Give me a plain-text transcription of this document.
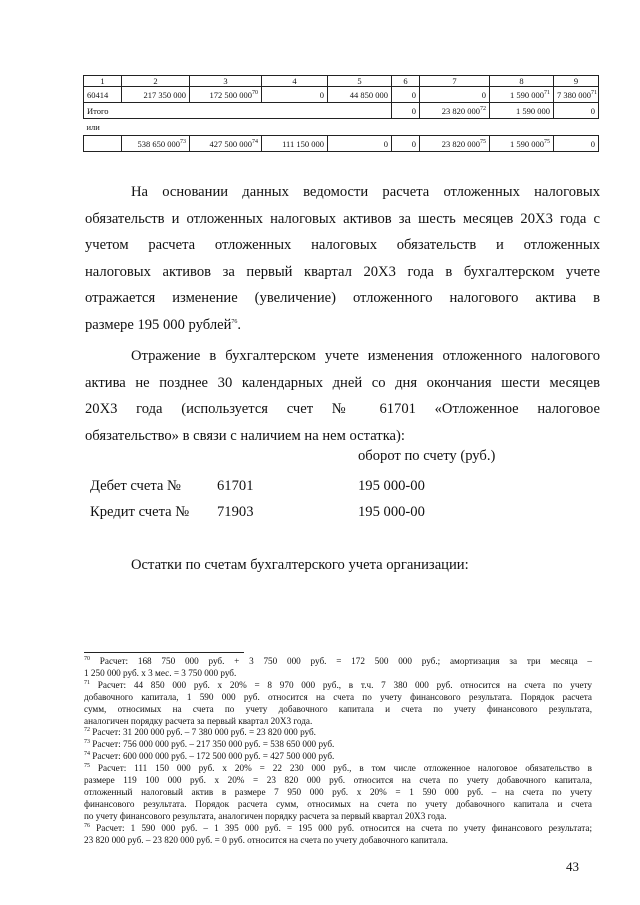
1	2	3	4	5	6	7	8	9
60414	217 350 000	172 500 $000^{70}$	0	44 850 000	0	0	1 590 $000^{71}$	7 380 $000^{71}$
Итого					0	23 820 $000^{72}$	1 590 000	0
или								
	538 650 $000^{73}$	427 500 $000^{74}$	111 150 000	0	0	23 820 $000^{75}$	1 590 $000^{75}$	0

На основании данных ведомости расчета отложенных налоговых

обязательств и отложенных налоговых активов за шесть месяцев 20Х3 года с

учетом расчета отложенных налоговых обязательств и отложенных

налоговых активов за первый квартал 20Х3 года в бухгалтерском учете

отражается изменение (увеличение) отложенного налогового актива в

размере 195 000 рублей$^{76}$.

Отражение в бухгалтерском учете изменения отложенного налогового

актива не позднее 30 календарных дней со дня окончания шести месяцев

20Х3 года (используется счет № 61701 «Отложенное налоговое

обязательство» в связи с наличием на нем остатка):

оборот по счету (руб.)
Дебет счета № 61701	195 000-00
Кредит счета № 71903	195 000-00
Остатки по счетам бухгалтерского учета организации:

$^{70}$ Расчет: 168 750 000 руб. + 3 750 000 руб. = 172 500 000 руб.; амортизация за три месяца –
1 250 000 руб. х 3 мес. = 3 750 000 руб.

$^{71}$ Расчет: 44 850 000 руб. х 20% = 8 970 000 руб., в т.ч. 7 380 000 руб. относится на счета по учету
добавочного капитала, 1 590 000 руб. относится на счета по учету финансового результата. Порядок расчета
сумм, относимых на счета по учету добавочного капитала и счета по учету финансового результата,
аналогичен порядку расчета за первый квартал 20Х3 года.

$^{72}$ Расчет: 31 200 000 руб. – 7 380 000 руб. = 23 820 000 руб.

$^{73}$ Расчет: 756 000 000 руб. – 217 350 000 руб. = 538 650 000 руб.

$^{74}$ Расчет: 600 000 000 руб. – 172 500 000 руб. = 427 500 000 руб.

$^{75}$ Расчет: 111 150 000 руб. х 20% = 22 230 000 руб., в том числе отложенное налоговое обязательство в
размере 119 100 000 руб. х 20% = 23 820 000 руб. относится на счета по учету добавочного капитала,
отложенный налоговый актив в размере 7 950 000 руб. х 20% = 1 590 000 руб. – на счета по учету
финансового результата. Порядок расчета сумм, относимых на счета по учету добавочного капитала и счета
по учету финансового результата, аналогичен порядку расчета за первый квартал 20Х3 года.

$^{76}$ Расчет: 1 590 000 руб. – 1 395 000 руб. = 195 000 руб. относится на счета по учету финансового результата;
23 820 000 руб. – 23 820 000 руб. = 0 руб. относится на счета по учету добавочного капитала.

43
